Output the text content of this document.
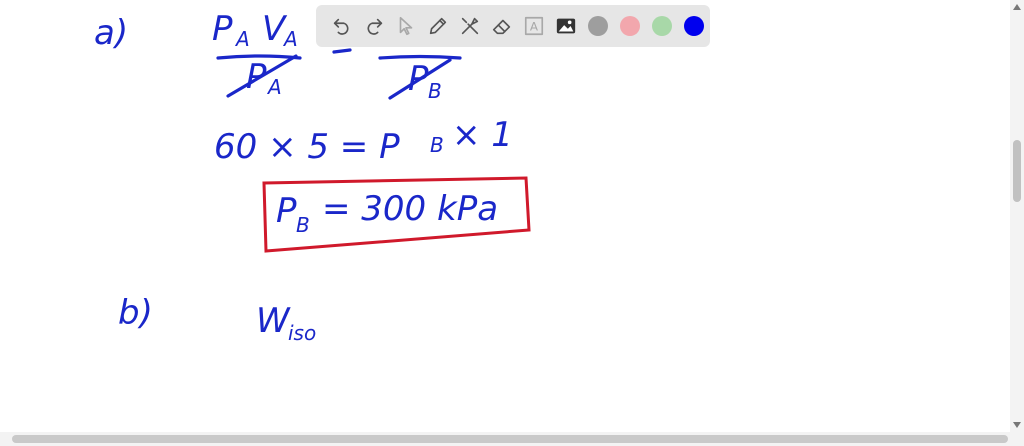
a) P A V
A
P A	P B
60 × 5 = P B × 1
P B = 300 kPa
b)	W
iso
A
